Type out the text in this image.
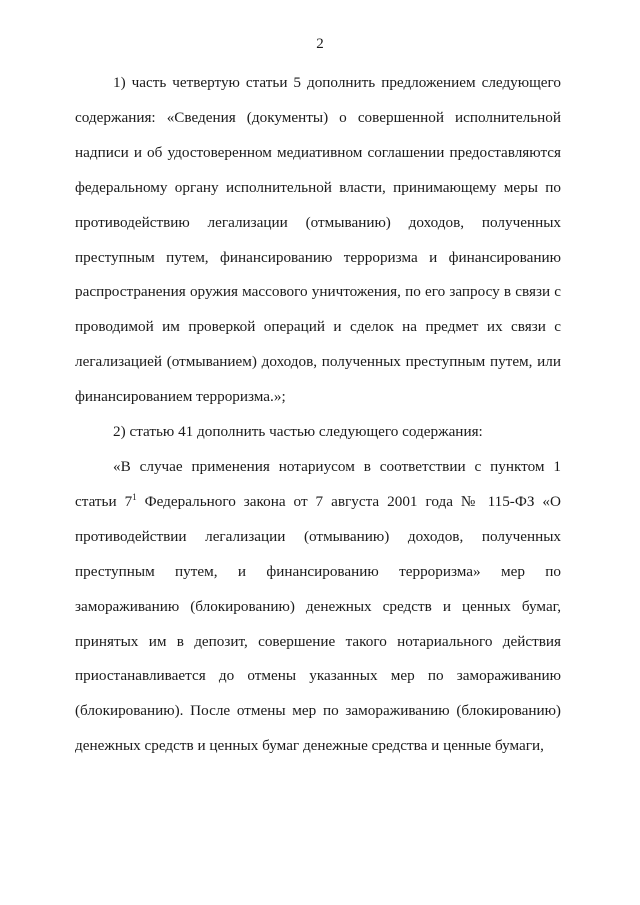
2

1) часть четвертую статьи 5 дополнить предложением следующего содержания: «Сведения (документы) о совершенной исполнительной надписи и об удостоверенном медиативном соглашении предоставляются федеральному органу исполнительной власти, принимающему меры по противодействию легализации (отмыванию) доходов, полученных преступным путем, финансированию терроризма и финансированию распространения оружия массового уничтожения, по его запросу в связи с проводимой им проверкой операций и сделок на предмет их связи с легализацией (отмыванием) доходов, полученных преступным путем, или финансированием терроризма.»;

2) статью 41 дополнить частью следующего содержания:

«В случае применения нотариусом в соответствии с пунктом 1 статьи $7^1$ Федерального закона от 7 августа 2001 года № 115-ФЗ «О противодействии легализации (отмыванию) доходов, полученных преступным путем, и финансированию терроризма» мер по замораживанию (блокированию) денежных средств и ценных бумаг, принятых им в депозит, совершение такого нотариального действия приостанавливается до отмены указанных мер по замораживанию (блокированию). После отмены мер по замораживанию (блокированию) денежных средств и ценных бумаг денежные средства и ценные бумаги,
